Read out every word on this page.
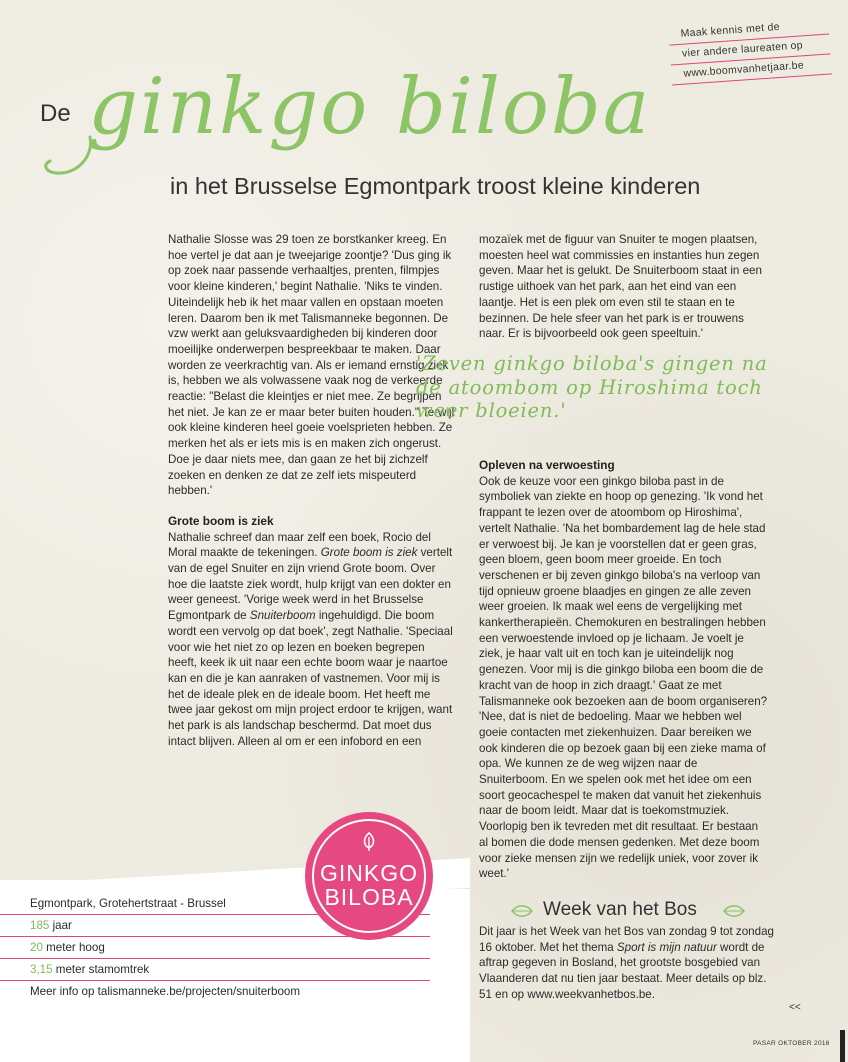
Maak kennis met de
vier andere laureaten op
www.boomvanhetjaar.be
De ginkgo biloba
in het Brusselse Egmontpark troost kleine kinderen

Nathalie Slosse was 29 toen ze borstkanker kreeg. En hoe vertel je dat aan je tweejarige zoontje? 'Dus ging ik op zoek naar passende verhaaltjes, prenten, filmpjes voor kleine kinderen,' begint Nathalie. 'Niks te vinden. Uiteindelijk heb ik het maar vallen en opstaan moeten leren. Daarom ben ik met Talismanneke begonnen. De vzw werkt aan geluksvaardigheden bij kinderen door moeilijke onderwerpen bespreekbaar te maken. Daar worden ze veerkrachtig van. Als er iemand ernstig ziek is, hebben we als volwassene vaak nog de verkeerde reactie: "Belast die kleintjes er niet mee. Ze begrijpen het niet. Je kan ze er maar beter buiten houden." Terwijl ook kleine kinderen heel goeie voelsprieten hebben. Ze merken het als er iets mis is en maken zich ongerust. Doe je daar niets mee, dan gaan ze het bij zichzelf zoeken en denken ze dat ze zelf iets mispeuterd hebben.'

Grote boom is ziek

Nathalie schreef dan maar zelf een boek, Rocio del Moral maakte de tekeningen. Grote boom is ziek vertelt van de egel Snuiter en zijn vriend Grote boom. Over hoe die laatste ziek wordt, hulp krijgt van een dokter en weer geneest. 'Vorige week werd in het Brusselse Egmontpark de Snuiterboom ingehuldigd. Die boom wordt een vervolg op dat boek', zegt Nathalie. 'Speciaal voor wie het niet zo op lezen en boeken begrepen heeft, keek ik uit naar een echte boom waar je naartoe kan en die je kan aanraken of vastnemen. Voor mij is het de ideale plek en de ideale boom. Het heeft me twee jaar gekost om mijn project erdoor te krijgen, want het park is als landschap beschermd. Dat moet dus intact blijven. Alleen al om er een infobord en een

mozaïek met de figuur van Snuiter te mogen plaatsen, moesten heel wat commissies en instanties hun zegen geven. Maar het is gelukt. De Snuiterboom staat in een rustige uithoek van het park, aan het eind van een laantje. Het is een plek om even stil te staan en te bezinnen. De hele sfeer van het park is er trouwens naar. Er is bijvoorbeeld ook geen speeltuin.'

'Zeven ginkgo biloba's gingen na de atoombom op Hiroshima toch weer bloeien.'
Opleven na verwoesting

Ook de keuze voor een ginkgo biloba past in de symboliek van ziekte en hoop op genezing. 'Ik vond het frappant te lezen over de atoombom op Hiroshima', vertelt Nathalie. 'Na het bombardement lag de hele stad er verwoest bij. Je kan je voorstellen dat er geen gras, geen bloem, geen boom meer groeide. En toch verschenen er bij zeven ginkgo biloba's na verloop van tijd opnieuw groene blaadjes en gingen ze alle zeven weer groeien. Ik maak wel eens de vergelijking met kankertherapieën. Chemokuren en bestralingen hebben een verwoestende invloed op je lichaam. Je voelt je ziek, je haar valt uit en toch kan je uiteindelijk nog genezen. Voor mij is die ginkgo biloba een boom die de kracht van de hoop in zich draagt.' Gaat ze met Talismanneke ook bezoeken aan de boom organiseren? 'Nee, dat is niet de bedoeling. Maar we hebben wel goeie contacten met ziekenhuizen. Daar bereiken we ook kinderen die op bezoek gaan bij een zieke mama of opa. We kunnen ze de weg wijzen naar de Snuiterboom. En we spelen ook met het idee om een soort geocachespel te maken dat vanuit het ziekenhuis naar de boom leidt. Maar dat is toekomstmuziek. Voorlopig ben ik tevreden met dit resultaat. Er bestaan al bomen die dode mensen gedenken. Met deze boom voor zieke mensen zijn we redelijk uniek, voor zover ik weet.'

Egmontpark, Grotehertstraat - Brussel
185 jaar
20 meter hoog
3,15 meter stamomtrek
Meer info op talismanneke.be/projecten/snuiterboom
GINKGO
BILOBA	Week van het Bos
Dit jaar is het Week van het Bos van zondag 9 tot zondag 16 oktober. Met het thema Sport is mijn natuur wordt de aftrap gegeven in Bosland, het grootste bosgebied van Vlaanderen dat nu tien jaar bestaat. Meer details op blz. 51 en op www.weekvanhetbos.be.
<<
PASAR OKTOBER 2016
